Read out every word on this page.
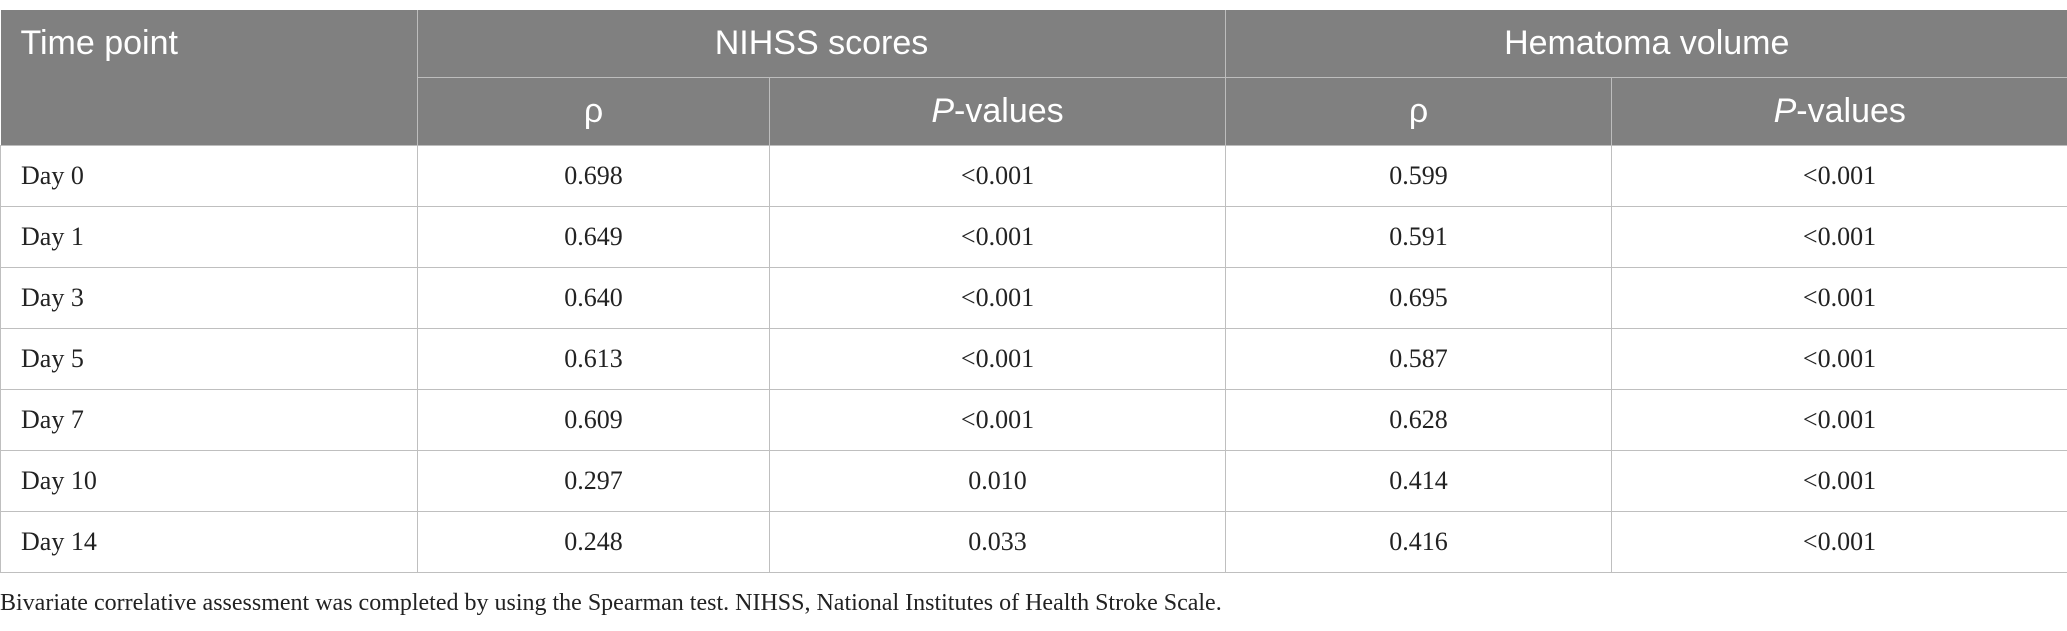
Time point	NIHSS scores		Hematoma volume	
	ρ	P-values	ρ	P-values
Day 0	0.698	<0.001	0.599	<0.001
Day 1	0.649	<0.001	0.591	<0.001
Day 3	0.640	<0.001	0.695	<0.001
Day 5	0.613	<0.001	0.587	<0.001
Day 7	0.609	<0.001	0.628	<0.001
Day 10	0.297	0.010	0.414	<0.001
Day 14	0.248	0.033	0.416	<0.001
Bivariate correlative assessment was completed by using the Spearman test. NIHSS, National Institutes of Health Stroke Scale.
